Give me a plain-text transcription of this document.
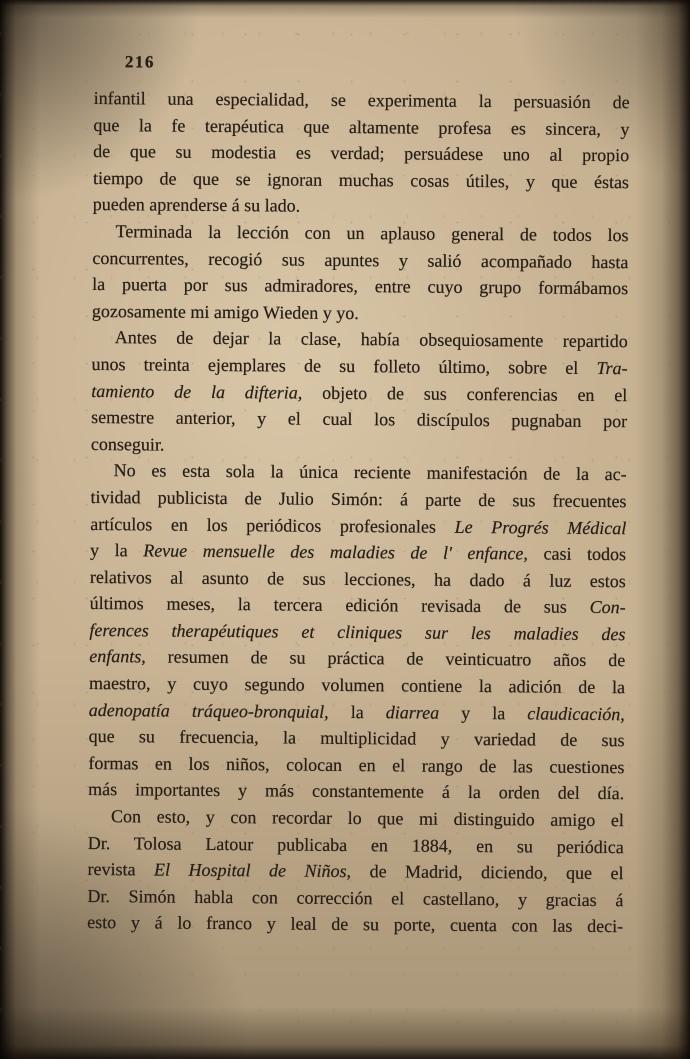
216
infantil una especialidad, se experimenta la persuasión de
que la fe terapéutica que altamente profesa es sincera, y
de que su modestia es verdad; persuádese uno al propio
tiempo de que se ignoran muchas cosas útiles, y que éstas
pueden aprenderse á su lado.
Terminada la lección con un aplauso general de todos los
concurrentes, recogió sus apuntes y salió acompañado hasta
la puerta por sus admiradores, entre cuyo grupo formábamos
gozosamente mi amigo Wieden y yo.
Antes de dejar la clase, había obsequiosamente repartido
unos treinta ejemplares de su folleto último, sobre el Tra-
tamiento de la difteria, objeto de sus conferencias en el
semestre anterior, y el cual los discípulos pugnaban por
conseguir.
No es esta sola la única reciente manifestación de la ac-
tividad publicista de Julio Simón: á parte de sus frecuentes
artículos en los periódicos profesionales Le Progrés Médical
y la Revue mensuelle des maladies de l' enfance, casi todos
relativos al asunto de sus lecciones, ha dado á luz estos
últimos meses, la tercera edición revisada de sus Con-
ferences therapéutiques et cliniques sur les maladies des
enfants, resumen de su práctica de veinticuatro años de
maestro, y cuyo segundo volumen contiene la adición de la
adenopatía tráqueo-bronquial, la diarrea y la claudicación,
que su frecuencia, la multiplicidad y variedad de sus
formas en los niños, colocan en el rango de las cuestiones
más importantes y más constantemente á la orden del día.
Con esto, y con recordar lo que mi distinguido amigo el
Dr. Tolosa Latour publicaba en 1884, en su periódica
revista El Hospital de Niños, de Madrid, diciendo, que el
Dr. Simón habla con corrección el castellano, y gracias á
esto y á lo franco y leal de su porte, cuenta con las deci-
